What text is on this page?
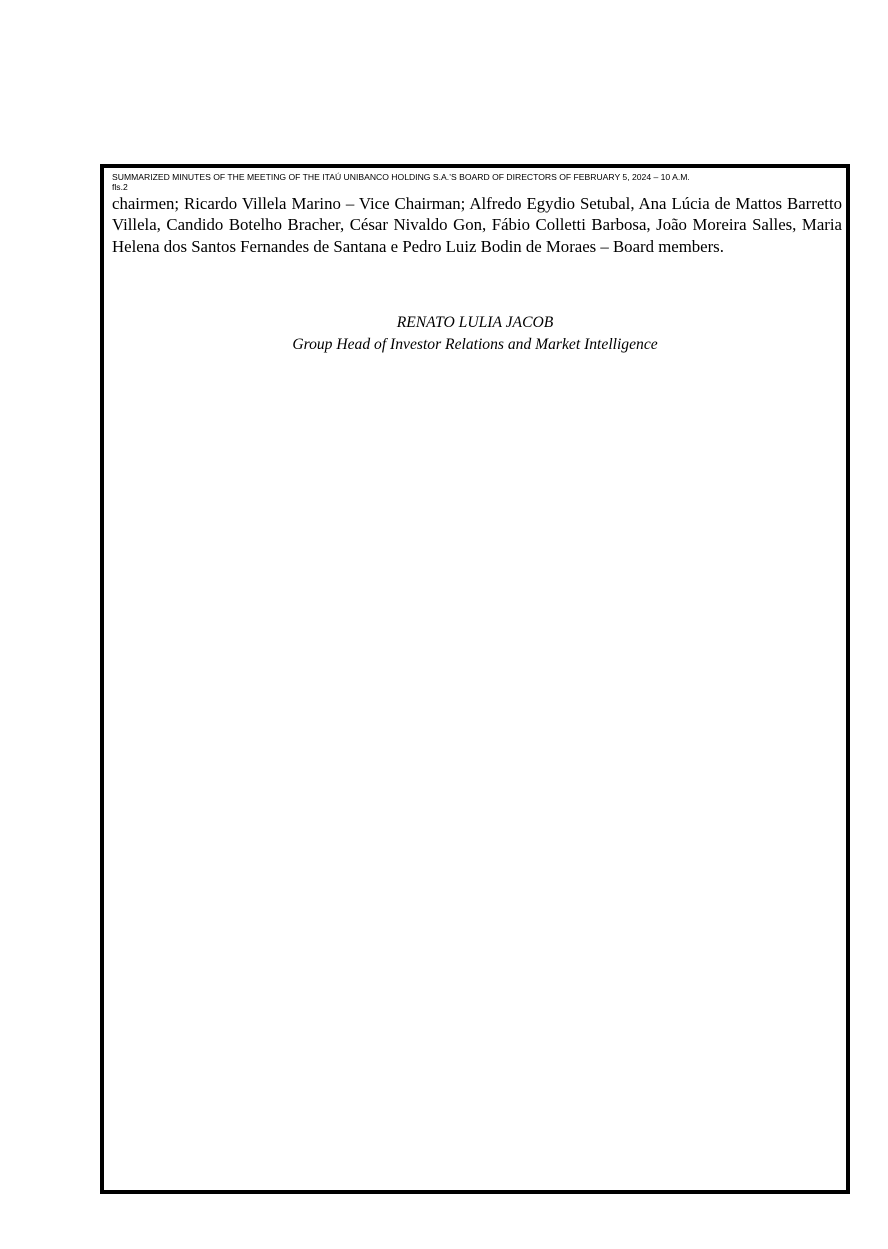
SUMMARIZED MINUTES OF THE MEETING OF THE ITAÚ UNIBANCO HOLDING S.A.’S BOARD OF DIRECTORS OF FEBRUARY 5, 2024 – 10 A.M.
fls.2

chairmen; Ricardo Villela Marino – Vice Chairman; Alfredo Egydio Setubal, Ana Lúcia de Mattos Barretto Villela, Candido Botelho Bracher, César Nivaldo Gon, Fábio Colletti Barbosa, João Moreira Salles, Maria Helena dos Santos Fernandes de Santana e Pedro Luiz Bodin de Moraes – Board members.

RENATO LULIA JACOB
Group Head of Investor Relations and Market Intelligence
